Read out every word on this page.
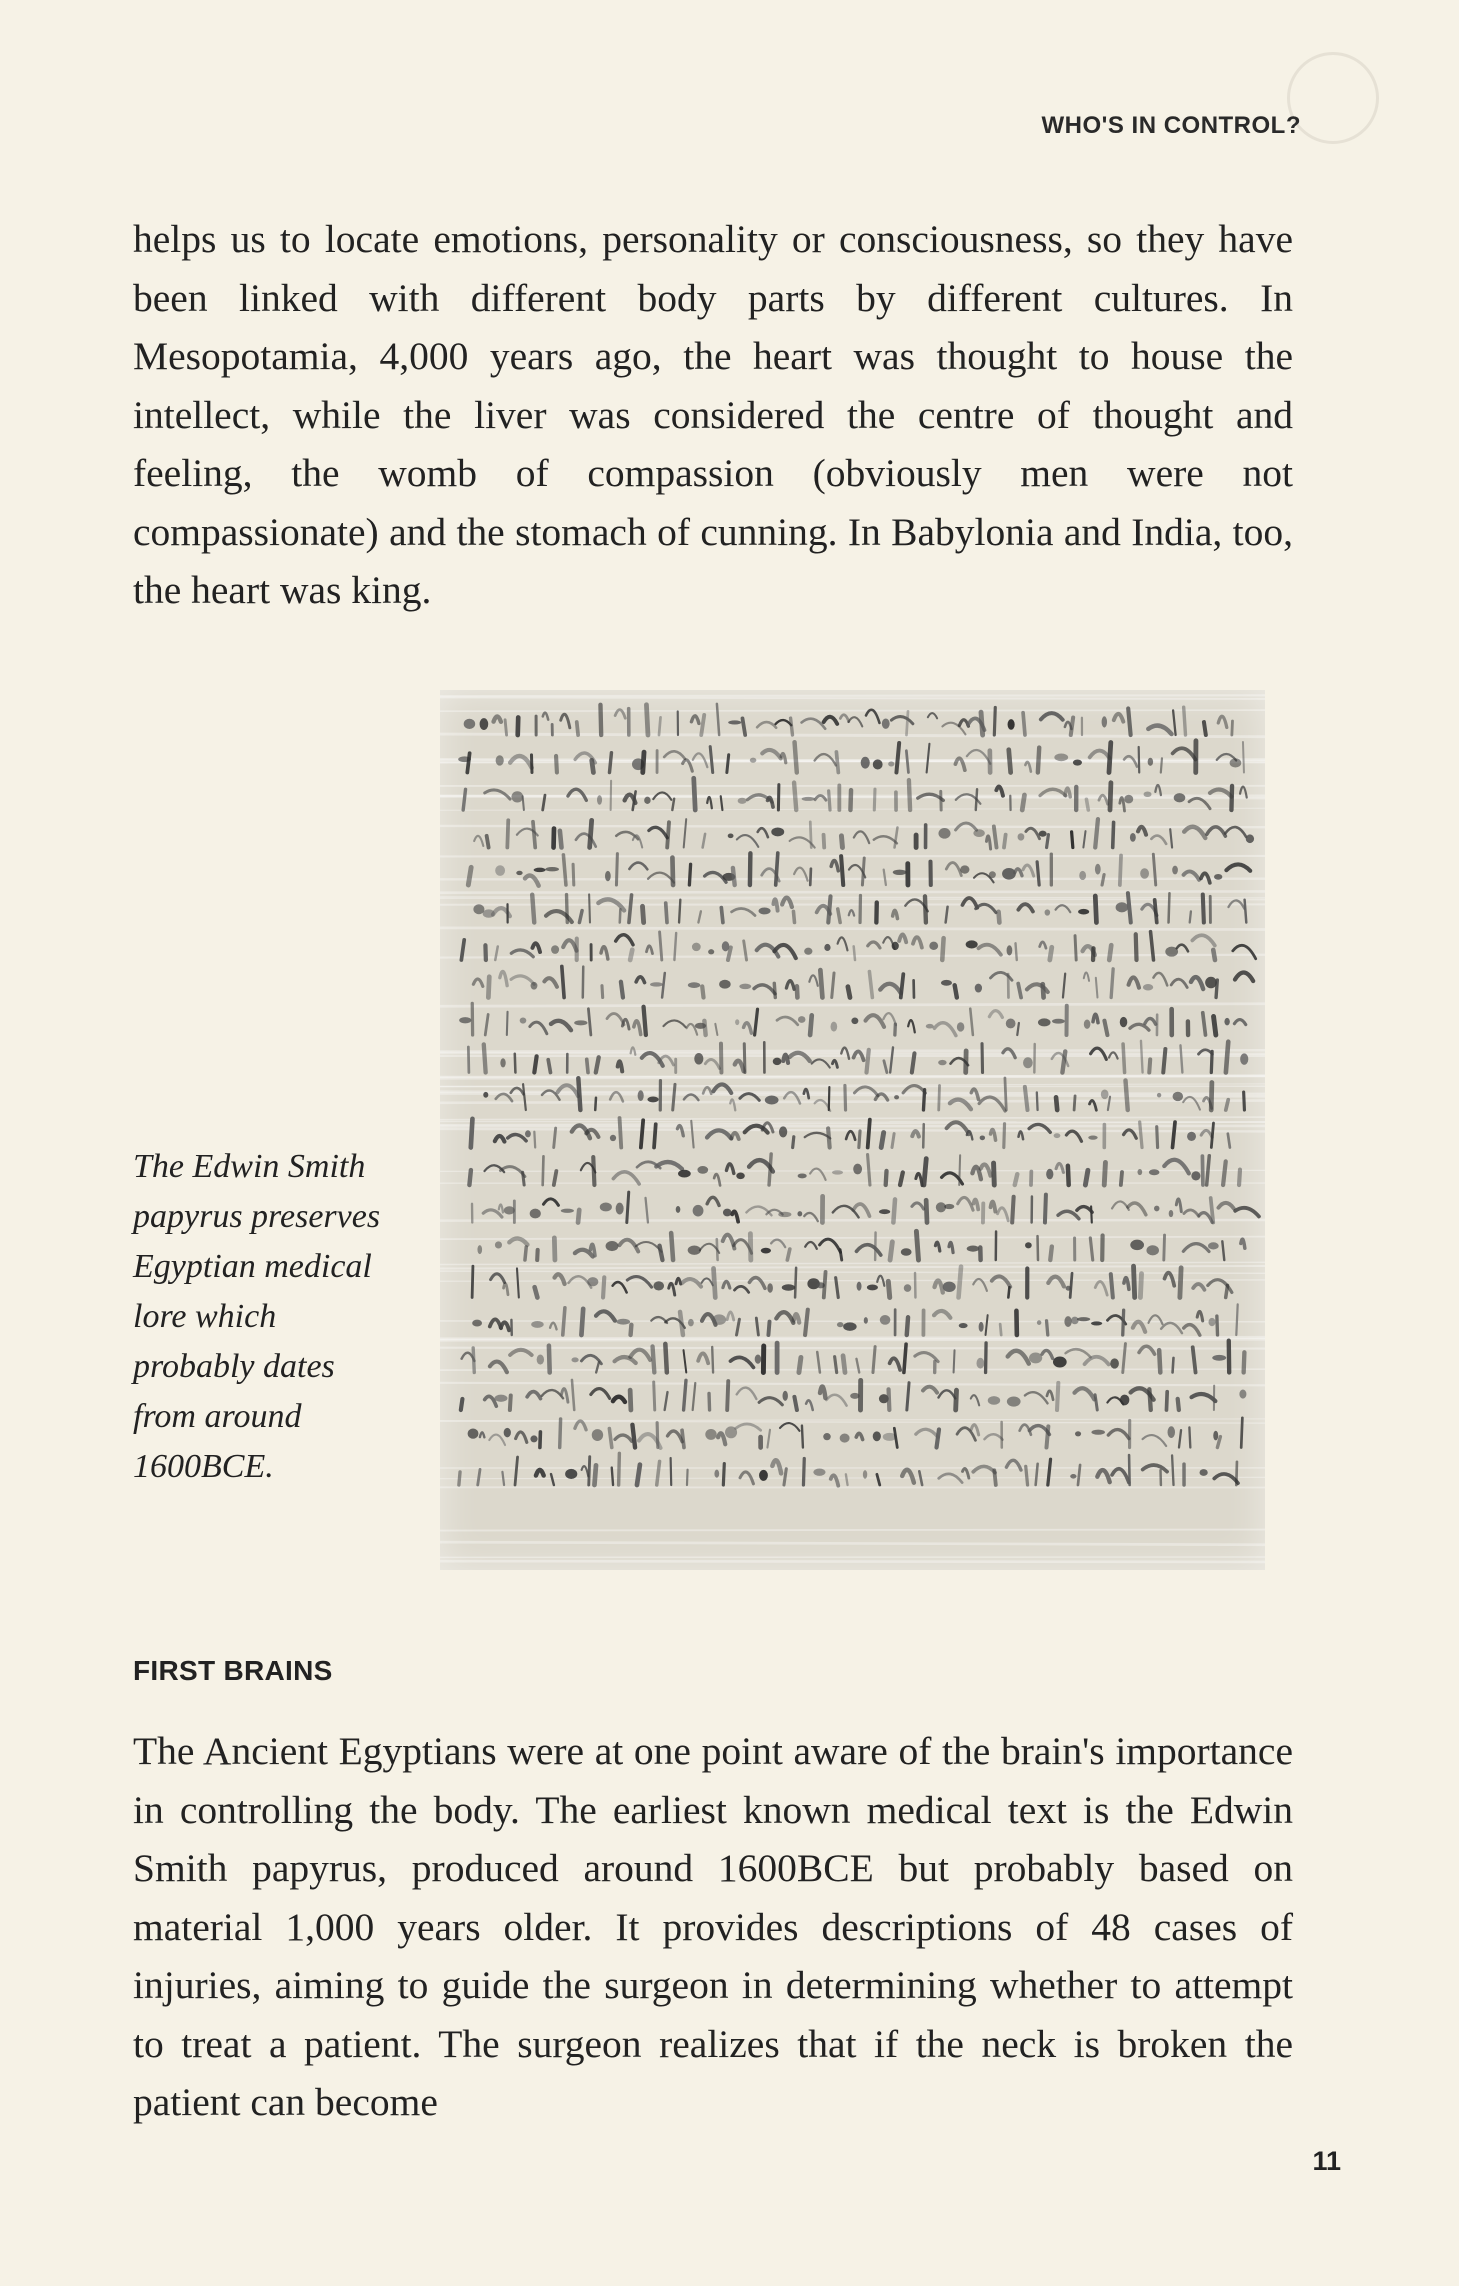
WHO'S IN CONTROL?

helps us to locate emotions, personality or consciousness, so they have been linked with different body parts by different cultures. In Mesopotamia, 4,000 years ago, the heart was thought to house the intellect, while the liver was considered the centre of thought and feeling, the womb of compassion (obviously men were not compassionate) and the stomach of cunning. In Babylonia and India, too, the heart was king.

The Edwin Smith papyrus preserves Egyptian medical lore which probably dates from around 1600BCE.

FIRST BRAINS

The Ancient Egyptians were at one point aware of the brain's importance in controlling the body. The earliest known medical text is the Edwin Smith papyrus, produced around 1600BCE but probably based on material 1,000 years older. It provides descriptions of 48 cases of injuries, aiming to guide the surgeon in determining whether to attempt to treat a patient. The surgeon realizes that if the neck is broken the patient can become

11
